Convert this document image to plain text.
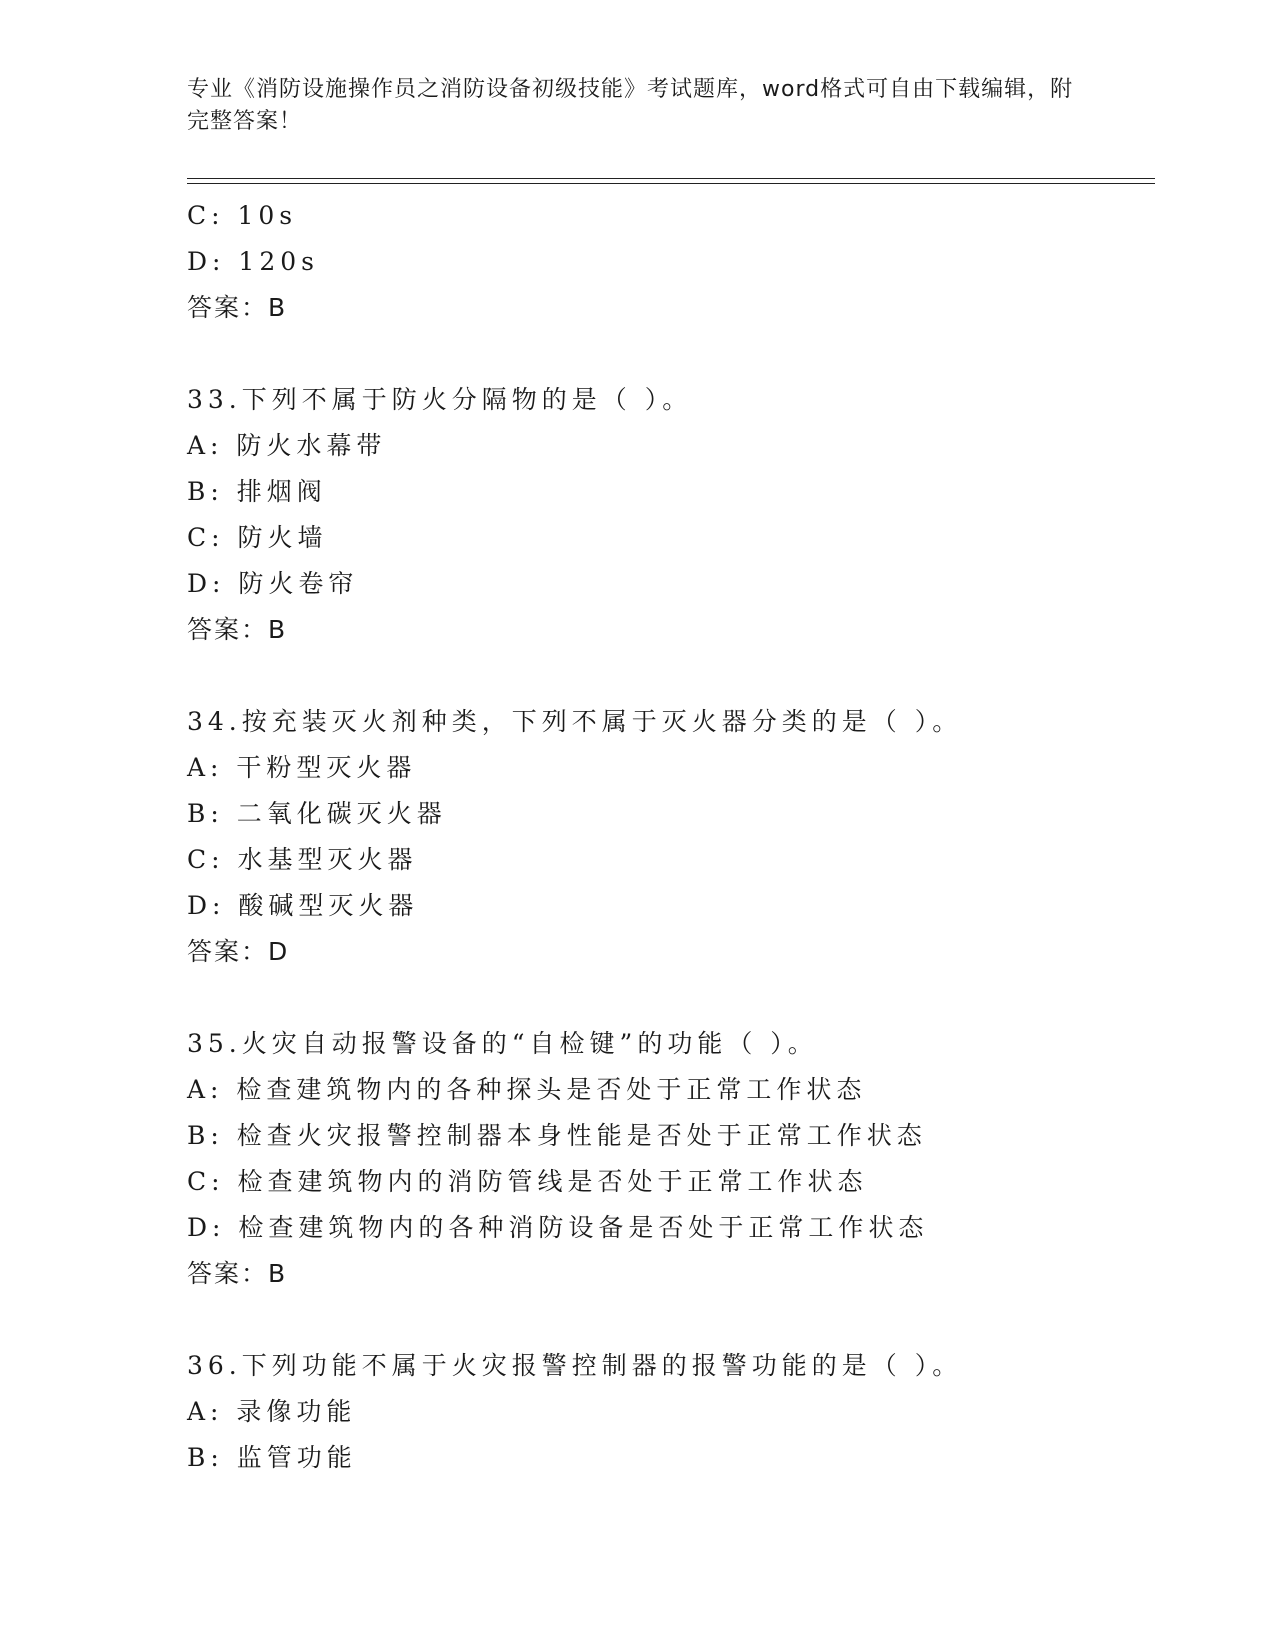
专业《消防设施操作员之消防设备初级技能》考试题库，word格式可自由下载编辑，附完整答案！
C: 10s
D: 120s
答案：B
33.下列不属于防火分隔物的是（ ）。
A: 防火水幕带
B: 排烟阀
C: 防火墙
D: 防火卷帘
答案：B
34.按充装灭火剂种类，下列不属于灭火器分类的是（ ）。
A: 干粉型灭火器
B: 二氧化碳灭火器
C: 水基型灭火器
D: 酸碱型灭火器
答案：D
35.火灾自动报警设备的“自检键”的功能（ ）。
A: 检查建筑物内的各种探头是否处于正常工作状态
B: 检查火灾报警控制器本身性能是否处于正常工作状态
C: 检查建筑物内的消防管线是否处于正常工作状态
D: 检查建筑物内的各种消防设备是否处于正常工作状态
答案：B
36.下列功能不属于火灾报警控制器的报警功能的是（ ）。
A: 录像功能
B: 监管功能
